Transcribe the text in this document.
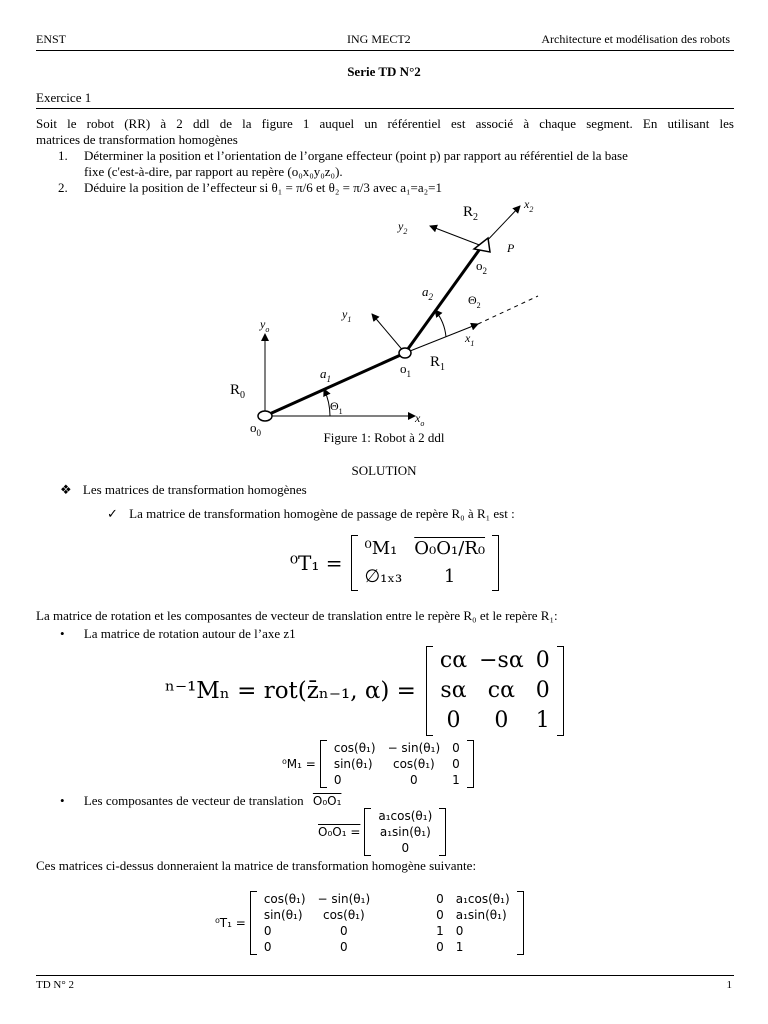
ENST	ING MECT2	Architecture et modélisation des robots
Serie TD N°2
Exercice 1
Soit le robot (RR) à 2 ddl de la figure 1 auquel un référentiel est associé à chaque segment. En utilisant les
matrices de transformation homogènes
1. Déterminer la position et l’orientation de l’organe effecteur (point p) par rapport au référentiel de la base
fixe (c'est-à-dire, par rapport au repère (o₀x₀y₀z₀).
2. Déduire la position de l’effecteur si θ₁ = π/6 et θ₂ = π/3 avec a₁=a₂=1
$R_0$
$o_0$
$a_1$
$\Theta_1$
$o_1$
$R_1$
$y_1$
$x_1$
$a_2$	$\Theta_2$
$o_2$
P
$R_2$
$y_2$
$x_2$
$y_o$
$x_o$
Figure 1: Robot à 2 ddl
SOLUTION
❖ Les matrices de transformation homogènes
✓ La matrice de transformation homogène de passage de repère R₀ à R₁ est :
⁰T₁ =
⁰M₁	O₀O₁/R₀
∅₁ₓ₃	1
La matrice de rotation et les composantes de vecteur de translation entre le repère R₀ et le repère R₁:
• La matrice de rotation autour de l’axe z1
ⁿ⁻¹Mₙ = rot(z̄ₙ₋₁, α) =
cα	−sα	0
sα	cα	0
0	0	1
⁰M₁ =
cos(θ₁)	− sin(θ₁)	0
sin(θ₁)	cos(θ₁)	0
0	0	1
• Les composantes de vecteur de translation O₀O₁
O₀O₁ =
a₁cos(θ₁)
a₁sin(θ₁)
0
Ces matrices ci-dessus donneraient la matrice de transformation homogène suivante:
⁰T₁ =
cos(θ₁)	− sin(θ₁)	0	a₁cos(θ₁)
sin(θ₁)	cos(θ₁)	0	a₁sin(θ₁)
0	0	1	0
0	0	0	1
TD N° 2	1
